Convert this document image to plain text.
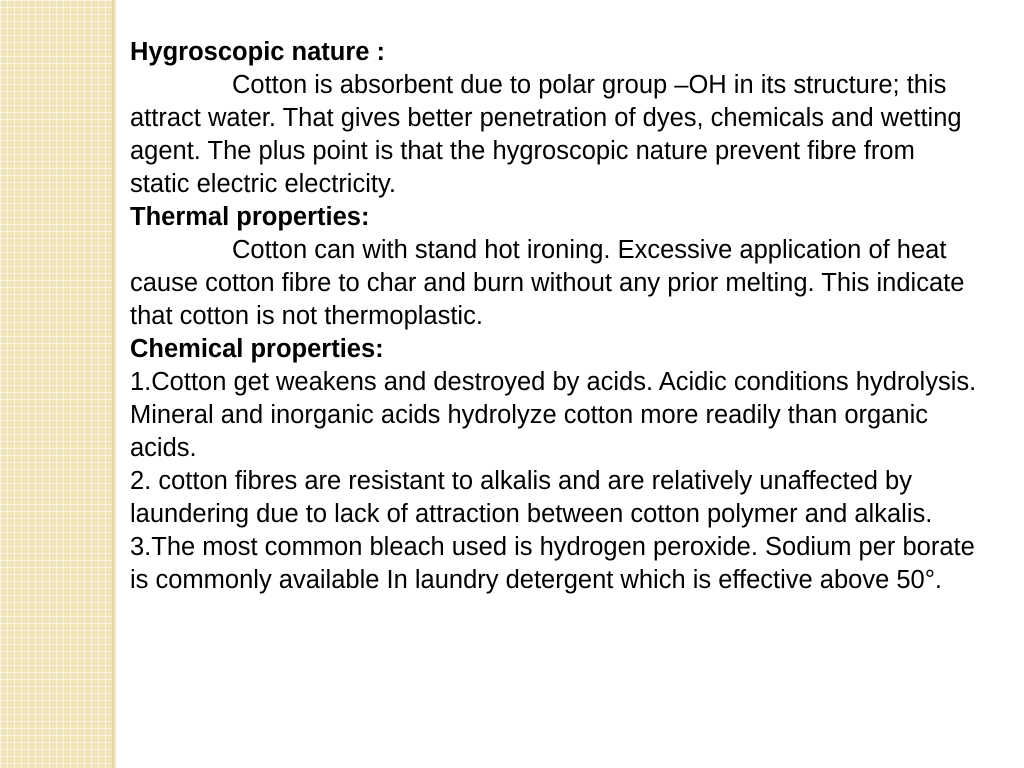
Hygroscopic nature :
Cotton is absorbent due to polar group –OH in its structure; this attract water. That gives better penetration of dyes, chemicals and wetting agent. The plus point is that the hygroscopic nature prevent fibre from static electric electricity.
Thermal properties:
Cotton can with stand hot ironing. Excessive application of heat cause cotton fibre to char and burn without any prior melting. This indicate that cotton is not thermoplastic.
Chemical properties:
1.Cotton get weakens and destroyed by acids. Acidic conditions hydrolysis. Mineral and inorganic acids hydrolyze cotton more readily than organic acids.
2. cotton fibres are resistant to alkalis and are relatively unaffected by laundering due to lack of attraction between cotton polymer and alkalis.
3.The most common bleach used is hydrogen peroxide. Sodium per borate is commonly available In laundry detergent which is effective above 50°.
